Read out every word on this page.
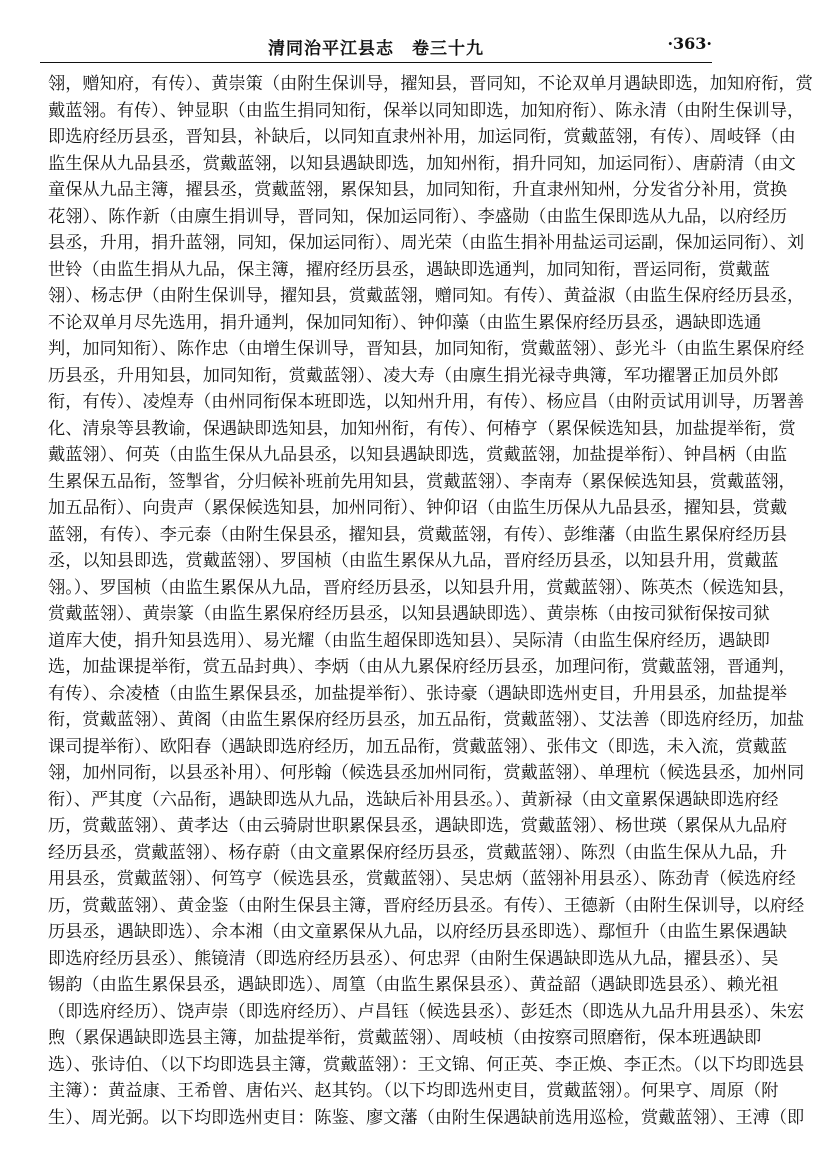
清同治平江县志　卷三十九	·363·
翎，赠知府，有传）、黄崇策（由附生保训导，擢知县，晋同知，不论双单月遇缺即选，加知府衔，赏
戴蓝翎。有传）、钟显职（由监生捐同知衔，保举以同知即选，加知府衔）、陈永清（由附生保训导，
即选府经历县丞，晋知县，补缺后，以同知直隶州补用，加运同衔，赏戴蓝翎，有传）、周岐铎（由
监生保从九品县丞，赏戴蓝翎，以知县遇缺即选，加知州衔，捐升同知，加运同衔）、唐蔚清（由文
童保从九品主簿，擢县丞，赏戴蓝翎，累保知县，加同知衔，升直隶州知州，分发省分补用，赏换
花翎）、陈作新（由廪生捐训导，晋同知，保加运同衔）、李盛勋（由监生保即选从九品，以府经历
县丞，升用，捐升蓝翎，同知，保加运同衔）、周光荣（由监生捐补用盐运司运副，保加运同衔）、刘
世铃（由监生捐从九品，保主簿，擢府经历县丞，遇缺即选通判，加同知衔，晋运同衔，赏戴蓝
翎）、杨志伊（由附生保训导，擢知县，赏戴蓝翎，赠同知。有传）、黄益淑（由监生保府经历县丞，
不论双单月尽先选用，捐升通判，保加同知衔）、钟仰藻（由监生累保府经历县丞，遇缺即选通
判，加同知衔）、陈作忠（由增生保训导，晋知县，加同知衔，赏戴蓝翎）、彭光斗（由监生累保府经
历县丞，升用知县，加同知衔，赏戴蓝翎）、凌大寿（由廪生捐光禄寺典簿，军功擢署正加员外郎
衔，有传）、凌煌寿（由州同衔保本班即选，以知州升用，有传）、杨应昌（由附贡试用训导，历署善
化、清泉等县教谕，保遇缺即选知县，加知州衔，有传）、何椿亨（累保候选知县，加盐提举衔，赏
戴蓝翎）、何英（由监生保从九品县丞，以知县遇缺即选，赏戴蓝翎，加盐提举衔）、钟昌柄（由监
生累保五品衔，签掣省，分归候补班前先用知县，赏戴蓝翎）、李南寿（累保候选知县，赏戴蓝翎，
加五品衔）、向贵声（累保候选知县，加州同衔）、钟仰诏（由监生历保从九品县丞，擢知县，赏戴
蓝翎，有传）、李元泰（由附生保县丞，擢知县，赏戴蓝翎，有传）、彭维藩（由监生累保府经历县
丞，以知县即选，赏戴蓝翎）、罗国桢（由监生累保从九品，晋府经历县丞，以知县升用，赏戴蓝
翎。）、罗国桢（由监生累保从九品，晋府经历县丞，以知县升用，赏戴蓝翎）、陈英杰（候选知县，
赏戴蓝翎）、黄崇篆（由监生累保府经历县丞，以知县遇缺即选）、黄崇栋（由按司狱衔保按司狱
道库大使，捐升知县选用）、易光耀（由监生超保即选知县）、吴际清（由监生保府经历，遇缺即
选，加盐课提举衔，赏五品封典）、李炳（由从九累保府经历县丞，加理问衔，赏戴蓝翎，晋通判，
有传）、佘凌楂（由监生累保县丞，加盐提举衔）、张诗豪（遇缺即选州吏目，升用县丞，加盐提举
衔，赏戴蓝翎）、黄阁（由监生累保府经历县丞，加五品衔，赏戴蓝翎）、艾法善（即选府经历，加盐
课司提举衔）、欧阳春（遇缺即选府经历，加五品衔，赏戴蓝翎）、张伟文（即选，未入流，赏戴蓝
翎，加州同衔，以县丞补用）、何彤翰（候选县丞加州同衔，赏戴蓝翎）、单理杭（候选县丞，加州同
衔）、严其度（六品衔，遇缺即选从九品，选缺后补用县丞。）、黄新禄（由文童累保遇缺即选府经
历，赏戴蓝翎）、黄孝达（由云骑尉世职累保县丞，遇缺即选，赏戴蓝翎）、杨世瑛（累保从九品府
经历县丞，赏戴蓝翎）、杨存蔚（由文童累保府经历县丞，赏戴蓝翎）、陈烈（由监生保从九品，升
用县丞，赏戴蓝翎）、何笃亨（候选县丞，赏戴蓝翎）、吴忠炳（蓝翎补用县丞）、陈劲青（候选府经
历，赏戴蓝翎）、黄金鉴（由附生保县主簿，晋府经历县丞。有传）、王德新（由附生保训导，以府经
历县丞，遇缺即选）、佘本湘（由文童累保从九品，以府经历县丞即选）、鄢恒升（由监生累保遇缺
即选府经历县丞）、熊镜清（即选府经历县丞）、何忠羿（由附生保遇缺即选从九品，擢县丞）、吴
锡韵（由监生累保县丞，遇缺即选）、周篁（由监生累保县丞）、黄益韶（遇缺即选县丞）、赖光祖
（即选府经历）、饶声崇（即选府经历）、卢昌钰（候选县丞）、彭廷杰（即选从九品升用县丞）、朱宏
煦（累保遇缺即选县主簿，加盐提举衔，赏戴蓝翎）、周岐桢（由按察司照磨衔，保本班遇缺即
选）、张诗伯、（以下均即选县主簿，赏戴蓝翎）：王文锦、何正英、李正焕、李正杰。（以下均即选县
主簿）：黄益康、王希曾、唐佑兴、赵其钧。（以下均即选州吏目，赏戴蓝翎）。何果亨、周原（附
生）、周光弼。以下均即选州吏目：陈鉴、廖文藩（由附生保遇缺前选用巡检，赏戴蓝翎）、王溥（即
